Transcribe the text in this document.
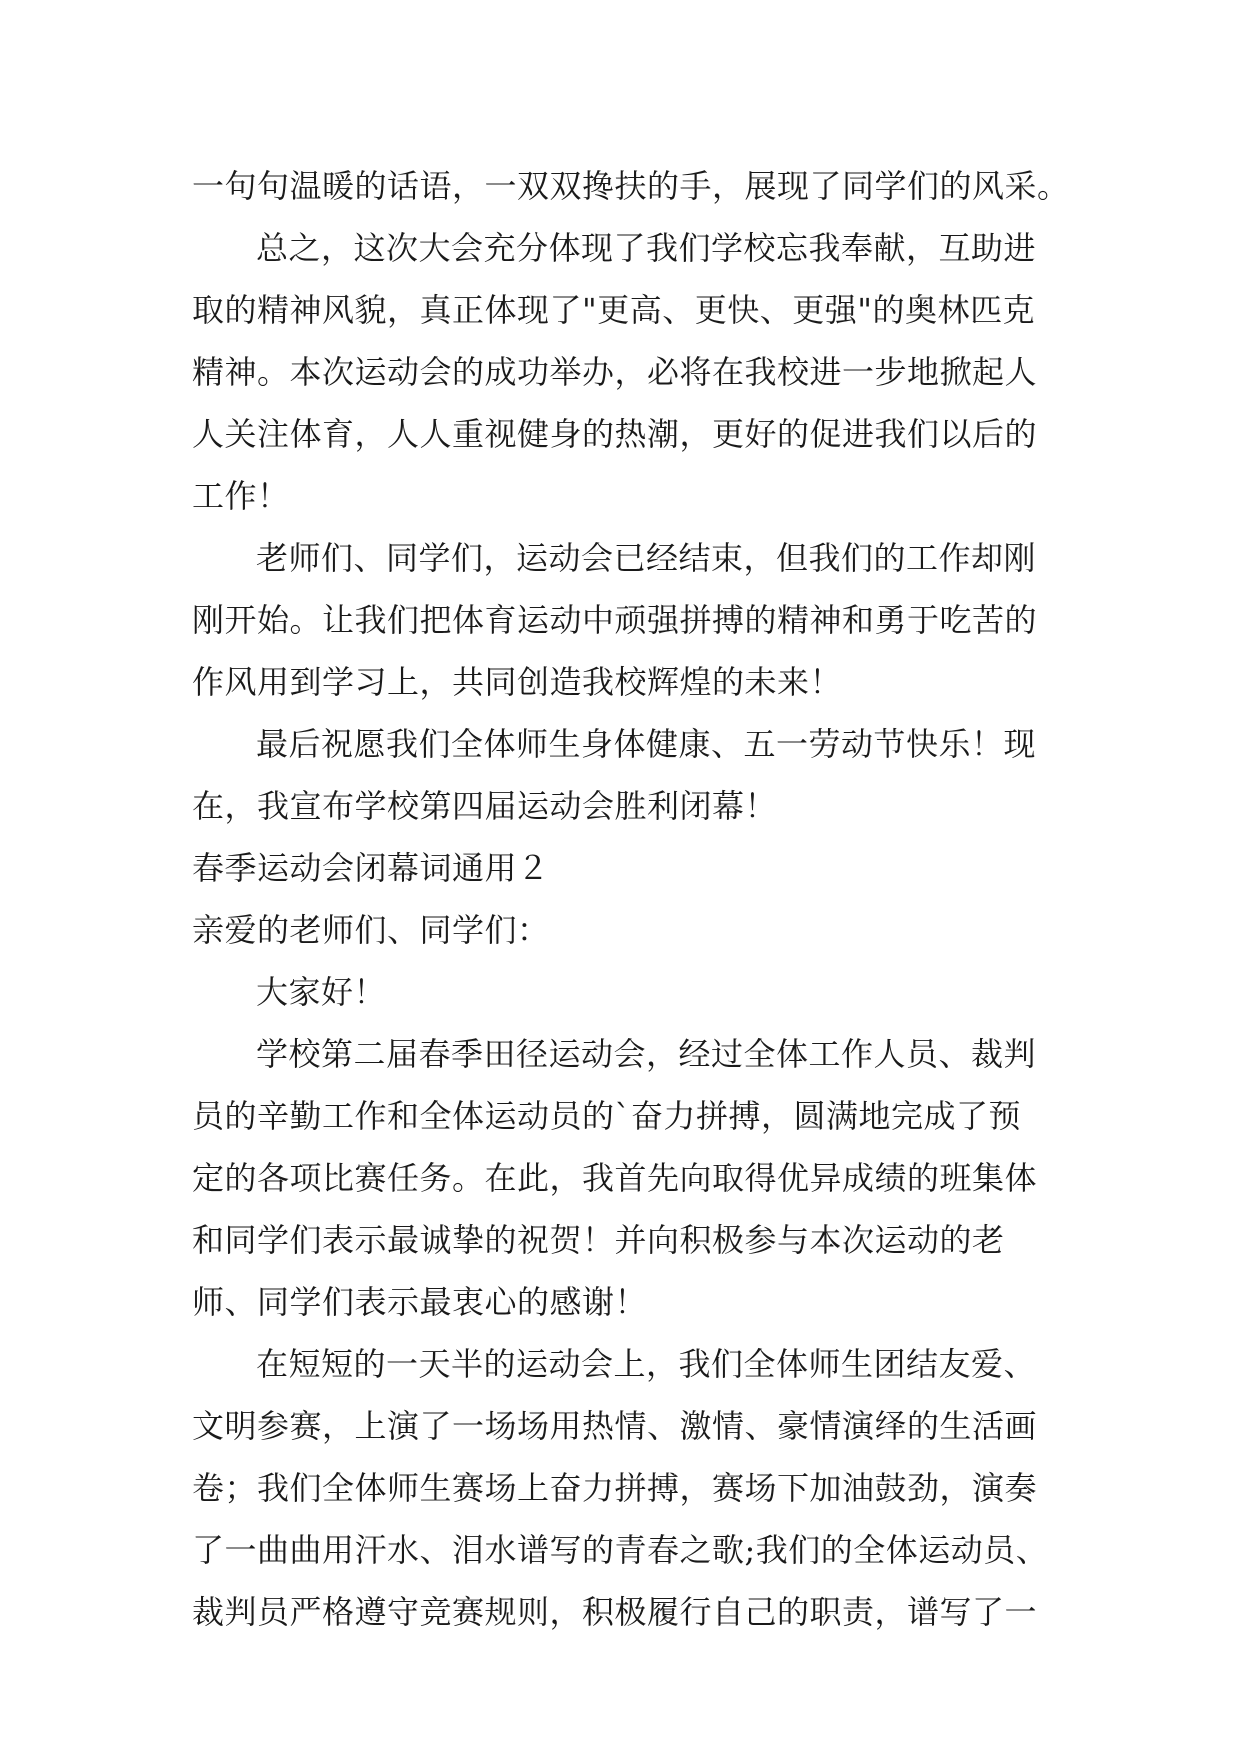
一句句温暖的话语，一双双搀扶的手，展现了同学们的风采。
总之，这次大会充分体现了我们学校忘我奉献，互助进
取的精神风貌，真正体现了"更高、更快、更强"的奥林匹克
精神。本次运动会的成功举办，必将在我校进一步地掀起人
人关注体育，人人重视健身的热潮，更好的促进我们以后的
工作！
老师们、同学们，运动会已经结束，但我们的工作却刚
刚开始。让我们把体育运动中顽强拼搏的精神和勇于吃苦的
作风用到学习上，共同创造我校辉煌的未来！
最后祝愿我们全体师生身体健康、五一劳动节快乐！现
在，我宣布学校第四届运动会胜利闭幕！
春季运动会闭幕词通用２
亲爱的老师们、同学们：
大家好！
学校第二届春季田径运动会，经过全体工作人员、裁判
员的辛勤工作和全体运动员的`奋力拼搏，圆满地完成了预
定的各项比赛任务。在此，我首先向取得优异成绩的班集体
和同学们表示最诚挚的祝贺！并向积极参与本次运动的老
师、同学们表示最衷心的感谢！
在短短的一天半的运动会上，我们全体师生团结友爱、
文明参赛，上演了一场场用热情、激情、豪情演绎的生活画
卷；我们全体师生赛场上奋力拼搏，赛场下加油鼓劲，演奏
了一曲曲用汗水、泪水谱写的青春之歌;我们的全体运动员、
裁判员严格遵守竞赛规则，积极履行自己的职责，谱写了一
